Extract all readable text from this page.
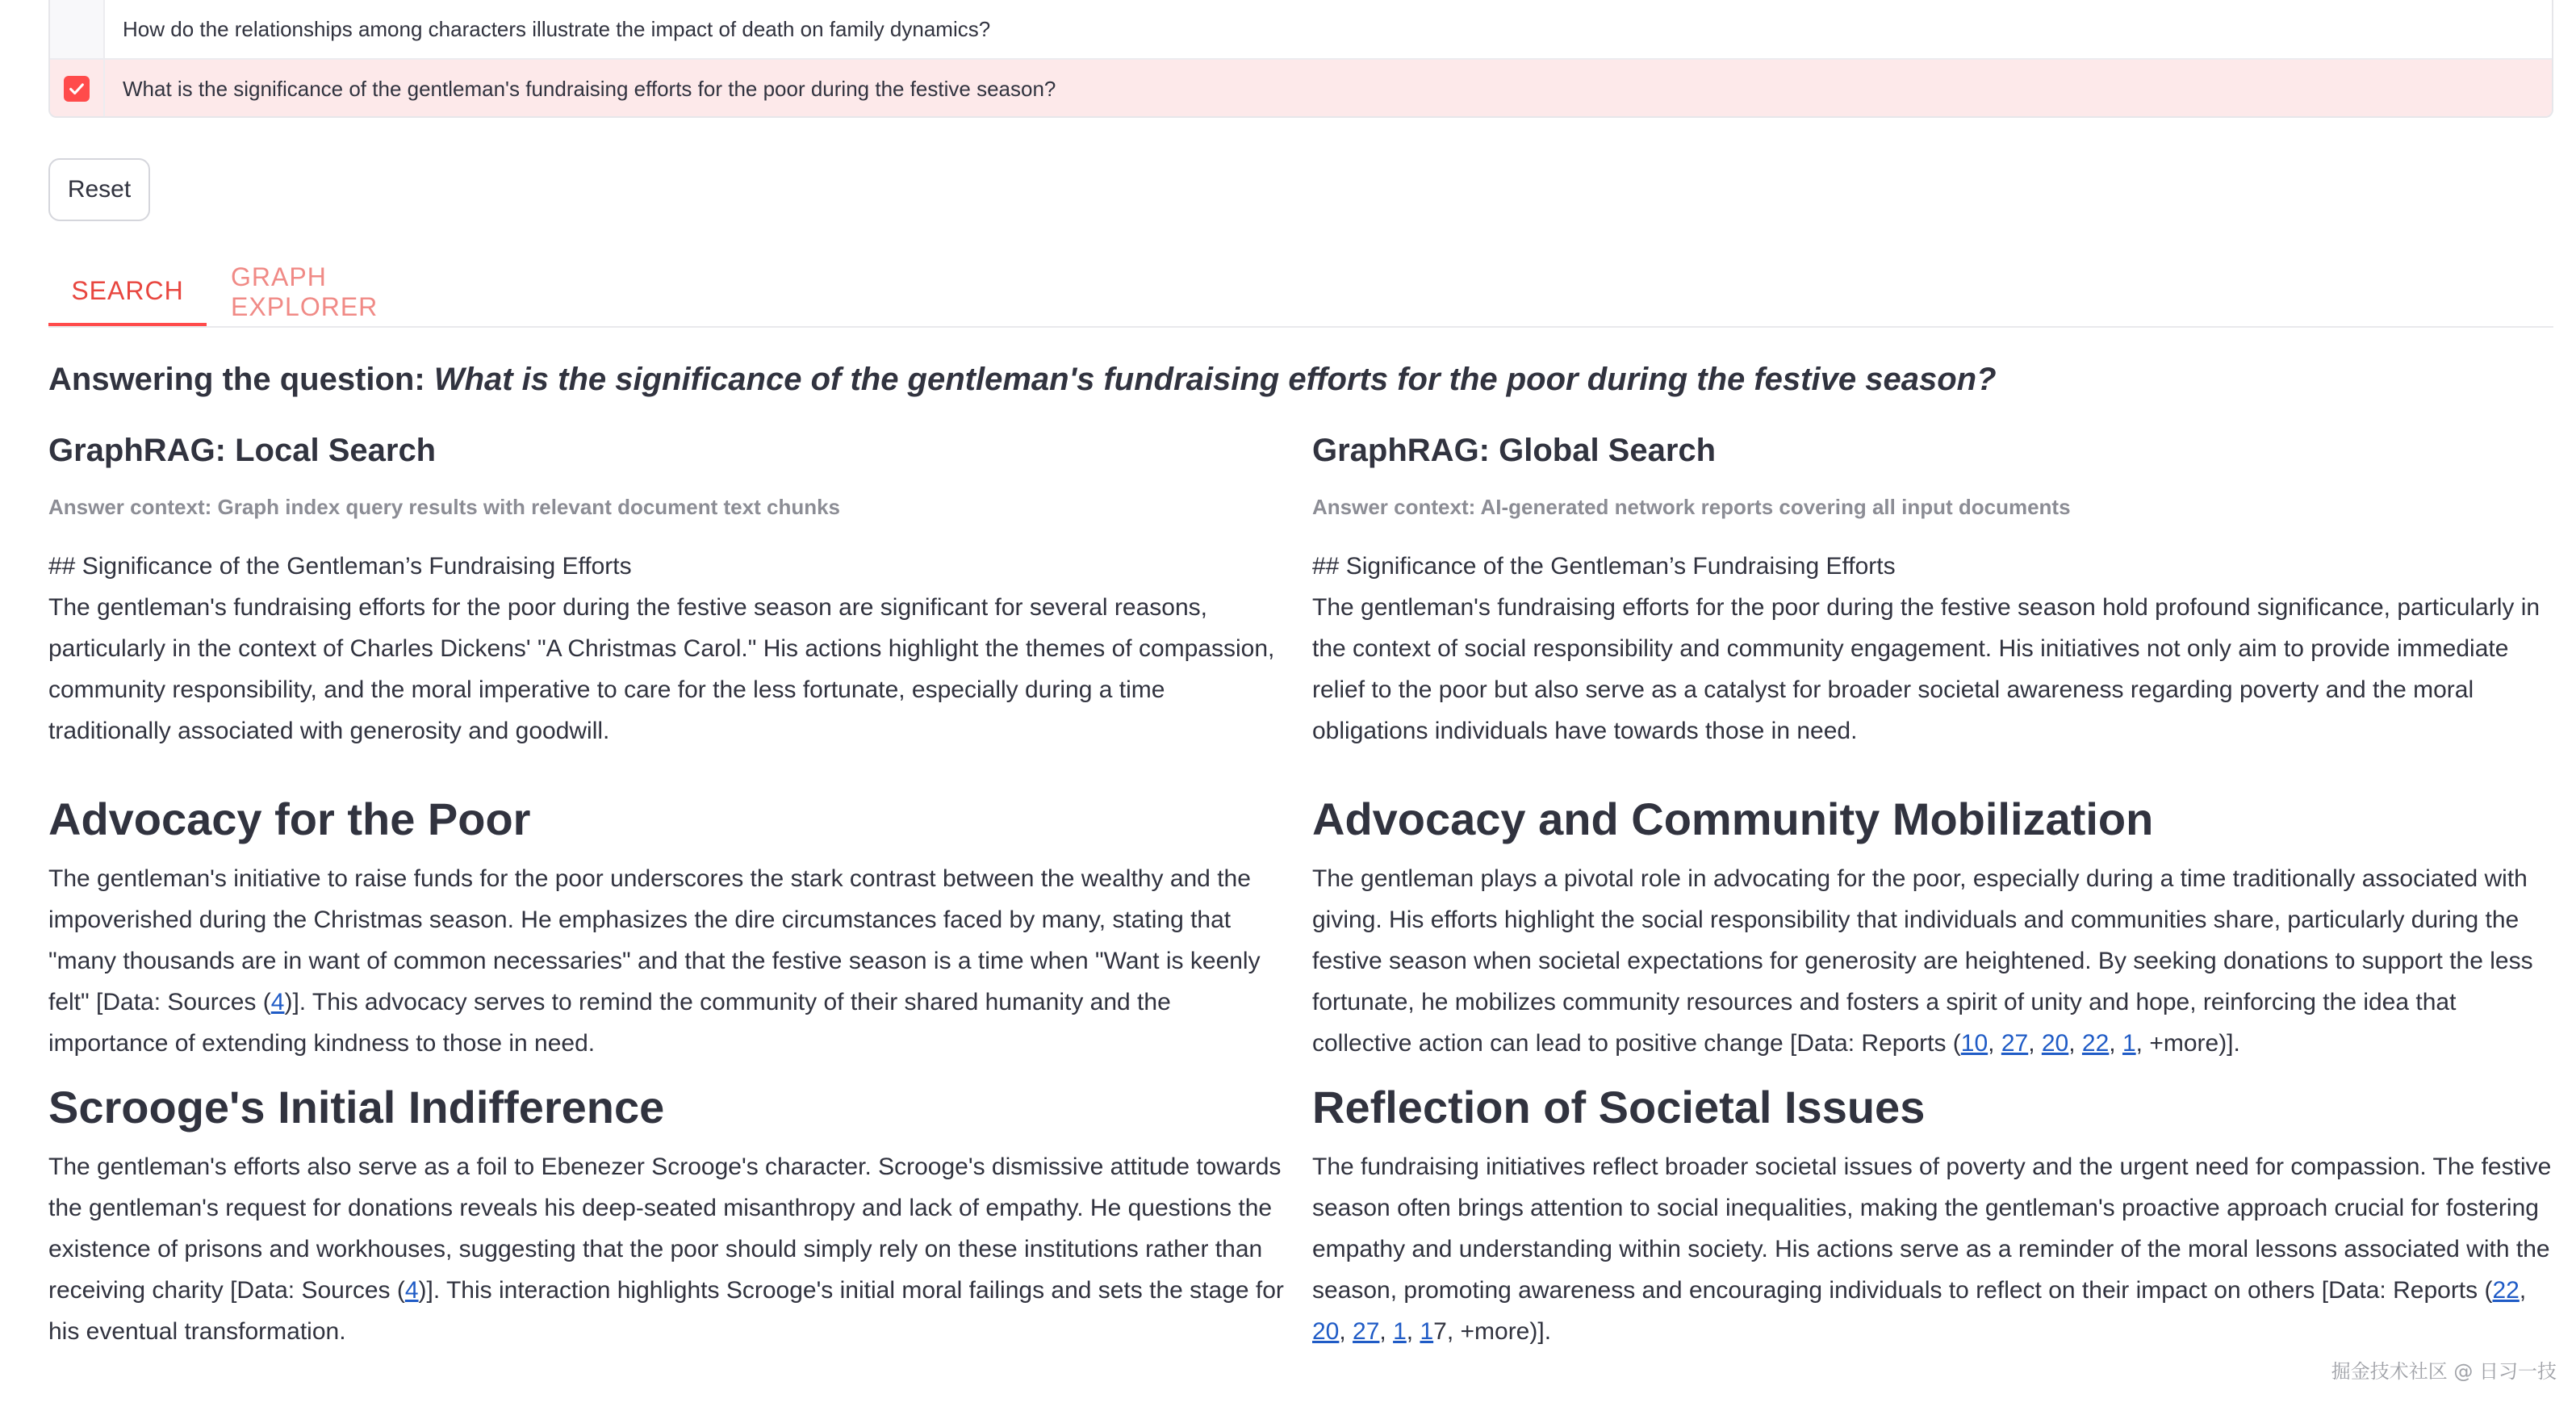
How do the relationships among characters illustrate the impact of death on family dynamics?
What is the significance of the gentleman's fundraising efforts for the poor during the festive season?
Reset
SEARCH	GRAPH EXPLORER
Answering the question: What is the significance of the gentleman's fundraising efforts for the poor during the festive season?
GraphRAG: Local Search
Answer context: Graph index query results with relevant document text chunks

## Significance of the Gentleman’s Fundraising Efforts

The gentleman's fundraising efforts for the poor during the festive season are significant for several reasons, particularly in the context of Charles Dickens' "A Christmas Carol." His actions highlight the themes of compassion, community responsibility, and the moral imperative to care for the less fortunate, especially during a time traditionally associated with generosity and goodwill.

Advocacy for the Poor

The gentleman's initiative to raise funds for the poor underscores the stark contrast between the wealthy and the impoverished during the Christmas season. He emphasizes the dire circumstances faced by many, stating that "many thousands are in want of common necessaries" and that the festive season is a time when "Want is keenly felt" [Data: Sources (4)]. This advocacy serves to remind the community of their shared humanity and the importance of extending kindness to those in need.

Scrooge's Initial Indifference

The gentleman's efforts also serve as a foil to Ebenezer Scrooge's character. Scrooge's dismissive attitude towards the gentleman's request for donations reveals his deep-seated misanthropy and lack of empathy. He questions the existence of prisons and workhouses, suggesting that the poor should simply rely on these institutions rather than receiving charity [Data: Sources (4)]. This interaction highlights Scrooge's initial moral failings and sets the stage for his eventual transformation.

GraphRAG: Global Search
Answer context: AI-generated network reports covering all input documents

## Significance of the Gentleman’s Fundraising Efforts

The gentleman's fundraising efforts for the poor during the festive season hold profound significance, particularly in the context of social responsibility and community engagement. His initiatives not only aim to provide immediate relief to the poor but also serve as a catalyst for broader societal awareness regarding poverty and the moral obligations individuals have towards those in need.

Advocacy and Community Mobilization

The gentleman plays a pivotal role in advocating for the poor, especially during a time traditionally associated with giving. His efforts highlight the social responsibility that individuals and communities share, particularly during the festive season when societal expectations for generosity are heightened. By seeking donations to support the less fortunate, he mobilizes community resources and fosters a spirit of unity and hope, reinforcing the idea that collective action can lead to positive change [Data: Reports (10, 27, 20, 22, 1, +more)].

Reflection of Societal Issues

The fundraising initiatives reflect broader societal issues of poverty and the urgent need for compassion. The festive season often brings attention to social inequalities, making the gentleman's proactive approach crucial for fostering empathy and understanding within society. His actions serve as a reminder of the moral lessons associated with the season, promoting awareness and encouraging individuals to reflect on their impact on others [Data: Reports (22, 20, 27, 1, 17, +more)].

掘金技术社区 @ 日习一技
